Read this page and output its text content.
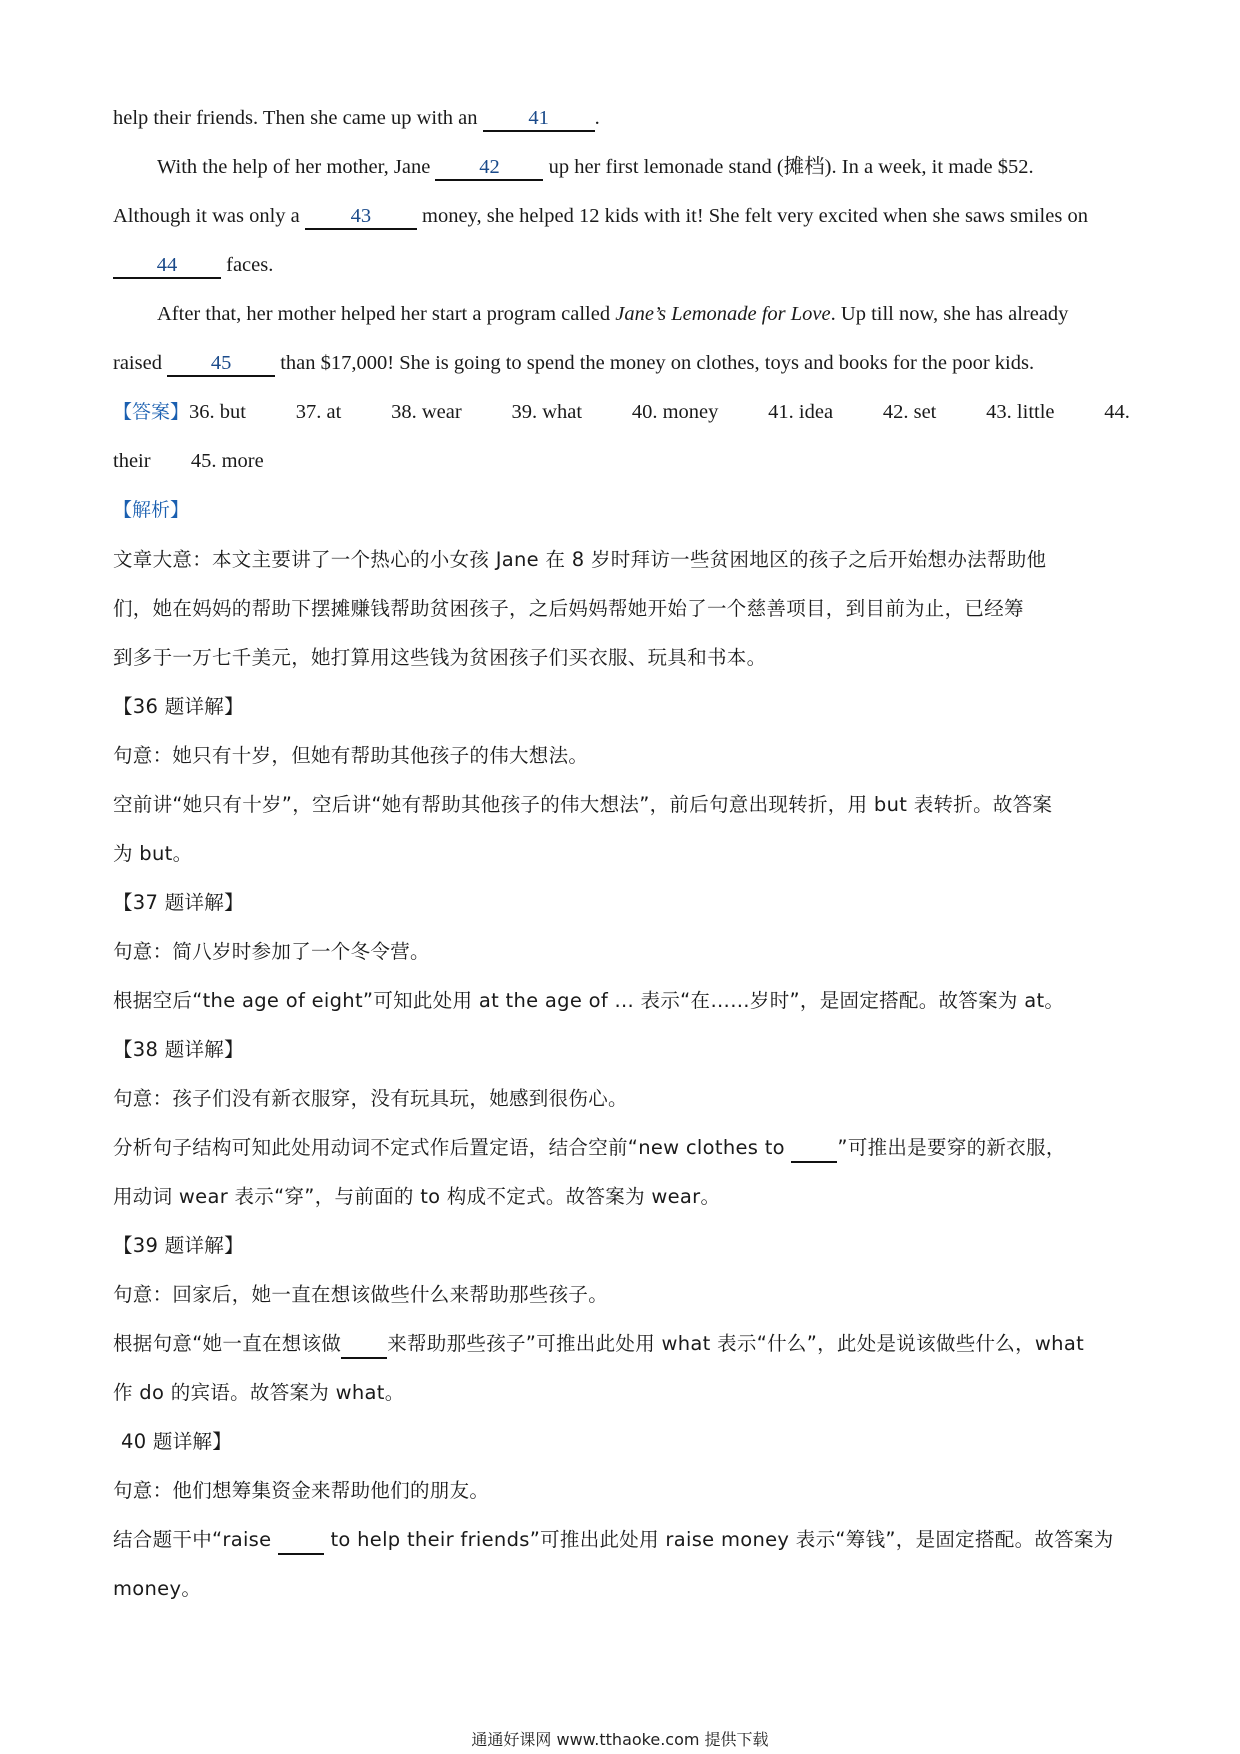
help their friends. Then she came up with an 41 .
With the help of her mother, Jane 42 up her first lemonade stand (摊档). In a week, it made $52.
Although it was only a 43 money, she helped 12 kids with it! She felt very excited when she saws smiles on
44 faces.
After that, her mother helped her start a program called Jane’s Lemonade for Love. Up till now, she has already
raised 45 than $17,000! She is going to spend the money on clothes, toys and books for the poor kids.
【答案】36. but 37. at 38. wear 39. what 40. money 41. idea 42. set 43. little 44.
their 45. more
【解析】
文章大意：本文主要讲了一个热心的小女孩 Jane 在 8 岁时拜访一些贫困地区的孩子之后开始想办法帮助他
们，她在妈妈的帮助下摆摊赚钱帮助贫困孩子，之后妈妈帮她开始了一个慈善项目，到目前为止，已经筹
到多于一万七千美元，她打算用这些钱为贫困孩子们买衣服、玩具和书本。
【36 题详解】
句意：她只有十岁，但她有帮助其他孩子的伟大想法。
空前讲“她只有十岁”，空后讲“她有帮助其他孩子的伟大想法”，前后句意出现转折，用 but 表转折。故答案
为 but。
【37 题详解】
句意：简八岁时参加了一个冬令营。
根据空后“the age of eight”可知此处用 at the age of ... 表示“在……岁时”，是固定搭配。故答案为 at。
【38 题详解】
句意：孩子们没有新衣服穿，没有玩具玩，她感到很伤心。
分析句子结构可知此处用动词不定式作后置定语，结合空前“new clothes to	”可推出是要穿的新衣服，
用动词 wear 表示“穿”，与前面的 to 构成不定式。故答案为 wear。
【39 题详解】
句意：回家后，她一直在想该做些什么来帮助那些孩子。
根据句意“她一直在想该做 来帮助那些孩子”可推出此处用 what 表示“什么”，此处是说该做些什么，what
作 do 的宾语。故答案为 what。
40 题详解】
句意：他们想筹集资金来帮助他们的朋友。
结合题干中“raise	to help their friends”可推出此处用 raise money 表示“筹钱”，是固定搭配。故答案为
money。
通通好课网 www.tthaoke.com 提供下载
